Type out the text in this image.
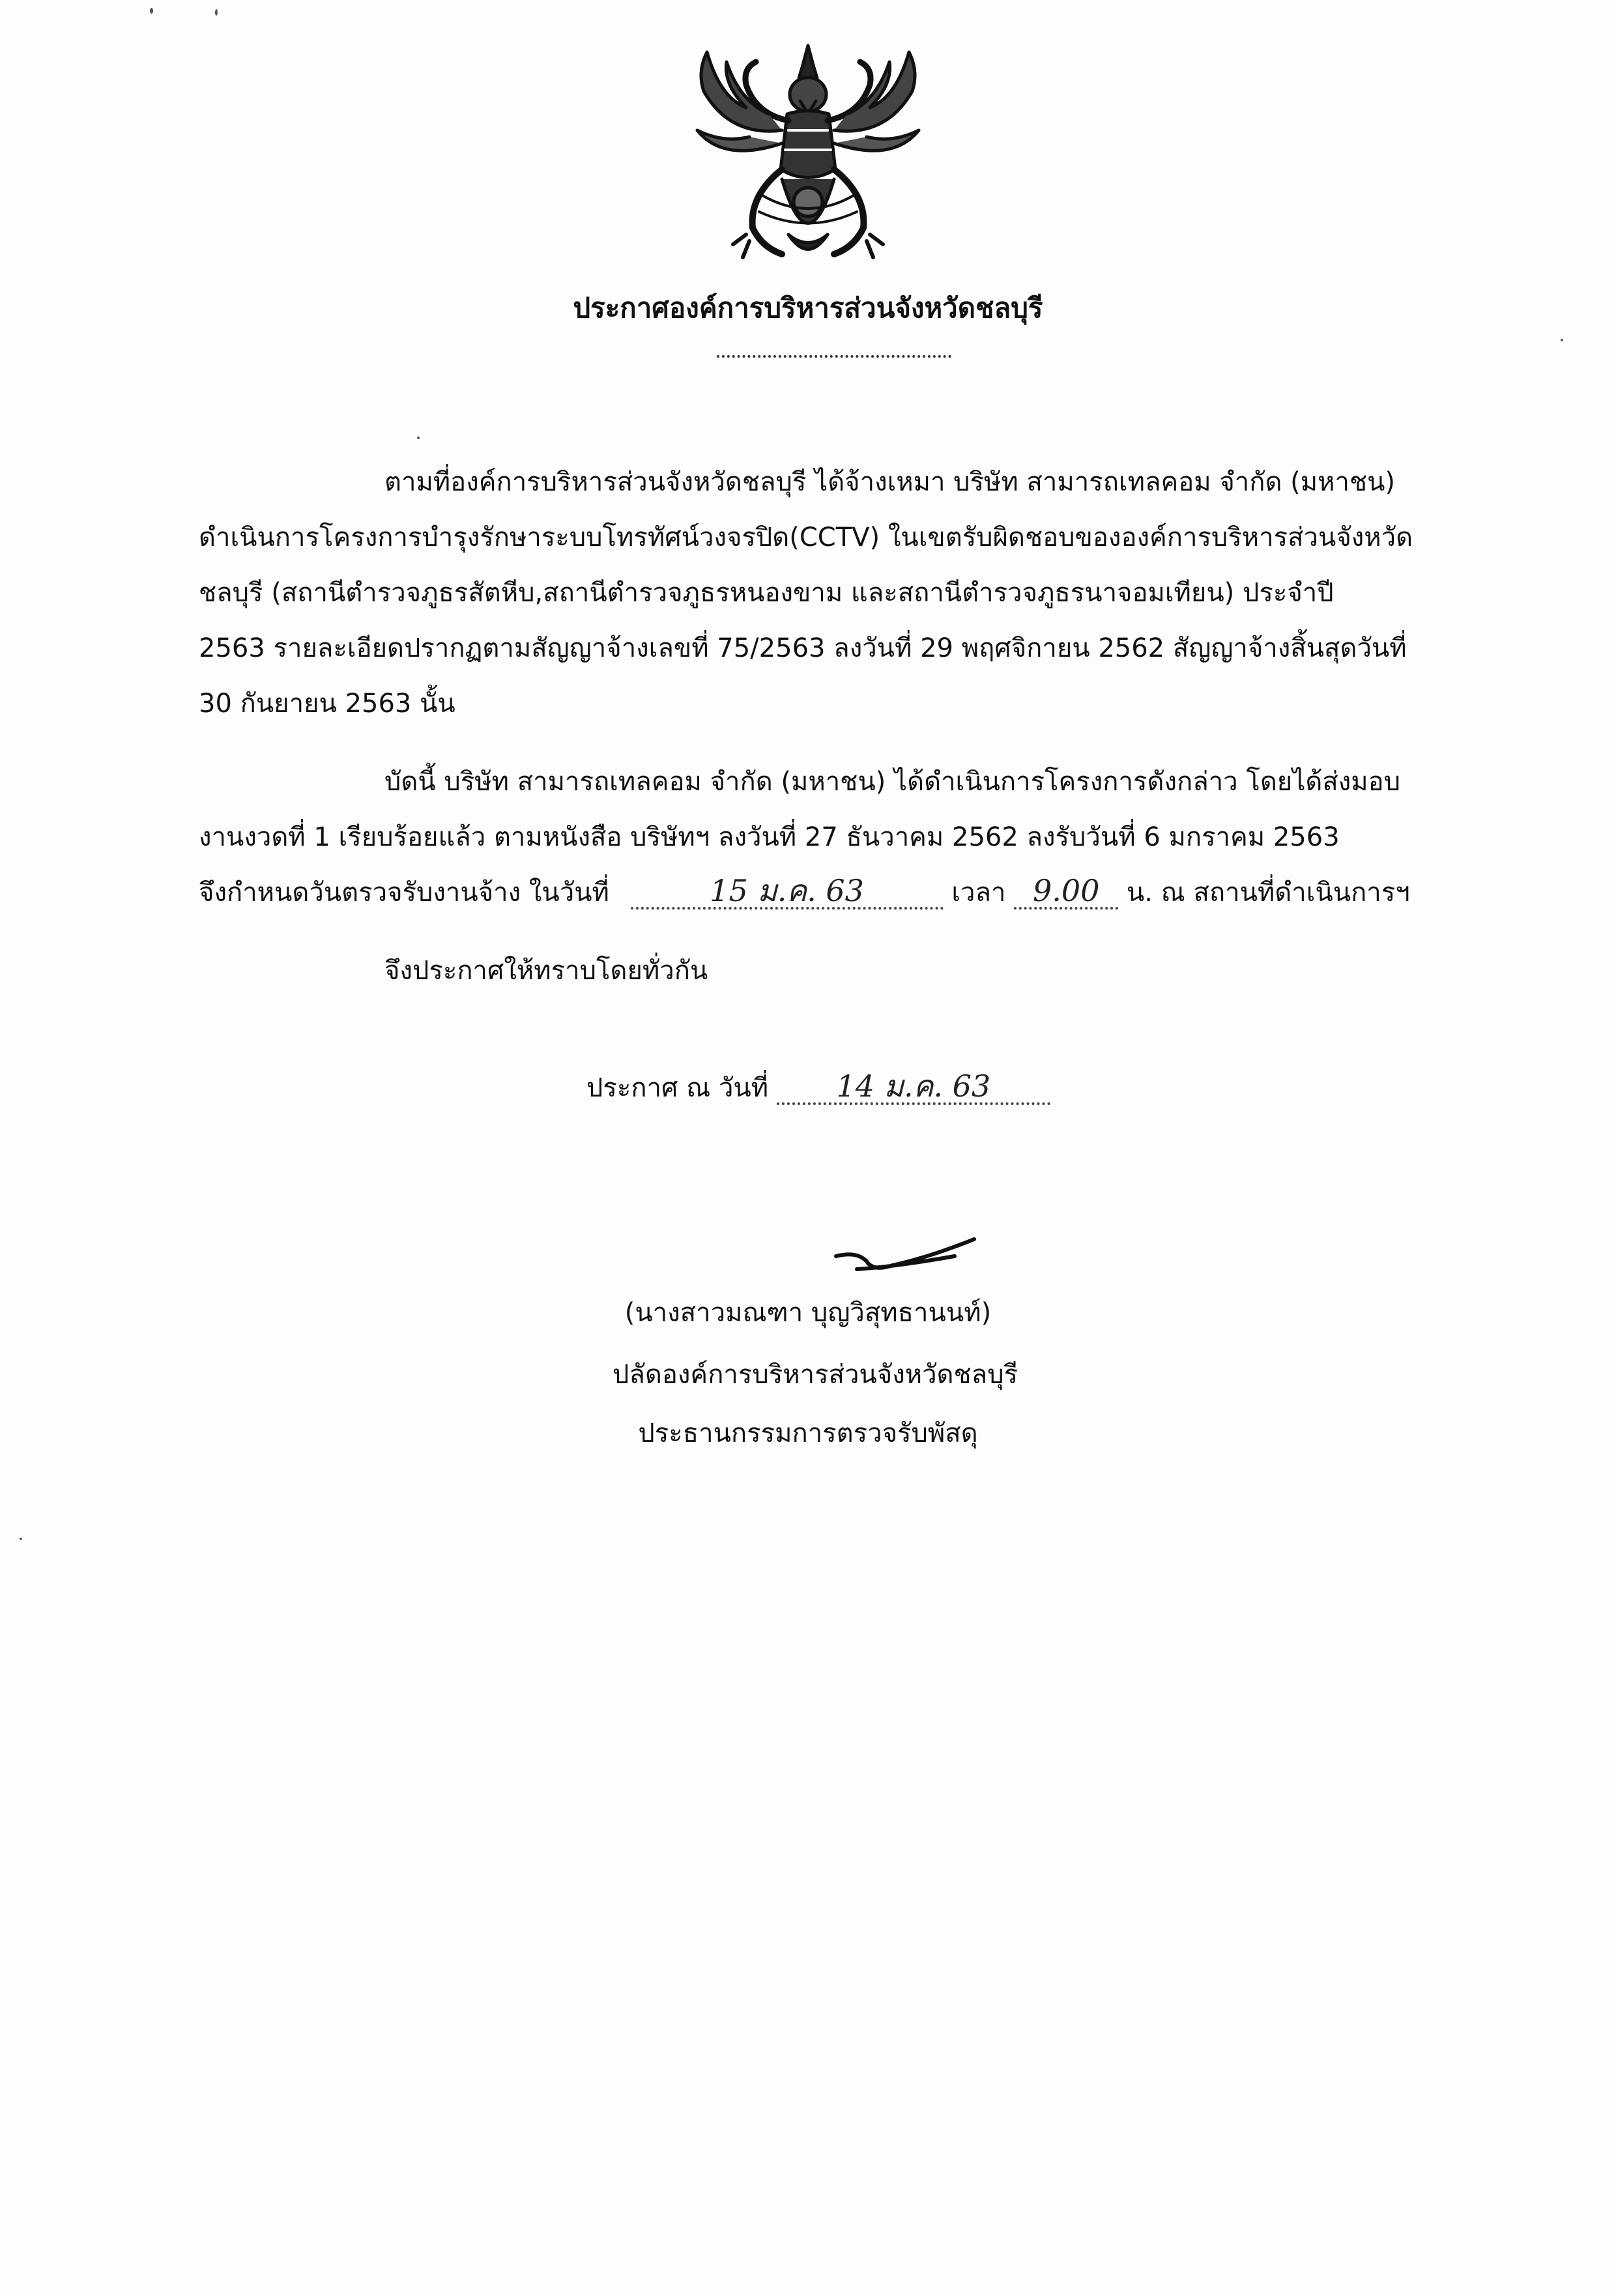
ประกาศองค์การบริหารส่วนจังหวัดชลบุรี
ตามที่องค์การบริหารส่วนจังหวัดชลบุรี ได้จ้างเหมา บริษัท สามารถเทลคอม จำกัด (มหาชน)
ดำเนินการโครงการบำรุงรักษาระบบโทรทัศน์วงจรปิด(CCTV) ในเขตรับผิดชอบขององค์การบริหารส่วนจังหวัด
ชลบุรี (สถานีตำรวจภูธรสัตหีบ,สถานีตำรวจภูธรหนองขาม และสถานีตำรวจภูธรนาจอมเทียน) ประจำปี
2563 รายละเอียดปรากฏตามสัญญาจ้างเลขที่ 75/2563 ลงวันที่ 29 พฤศจิกายน 2562 สัญญาจ้างสิ้นสุดวันที่
30 กันยายน 2563 นั้น
บัดนี้ บริษัท สามารถเทลคอม จำกัด (มหาชน) ได้ดำเนินการโครงการดังกล่าว โดยได้ส่งมอบ
งานงวดที่ 1 เรียบร้อยแล้ว ตามหนังสือ บริษัทฯ ลงวันที่ 27 ธันวาคม 2562 ลงรับวันที่ 6 มกราคม 2563
จึงกำหนดวันตรวจรับงานจ้าง ในวันที่	15 ม.ค. 63	เวลา 9.00 น. ณ สถานที่ดำเนินการฯ
จึงประกาศให้ทราบโดยทั่วกัน
ประกาศ ณ วันที่ 14 ม.ค. 63
(นางสาวมณฑา บุญวิสุทธานนท์)
ปลัดองค์การบริหารส่วนจังหวัดชลบุรี
ประธานกรรมการตรวจรับพัสดุ
